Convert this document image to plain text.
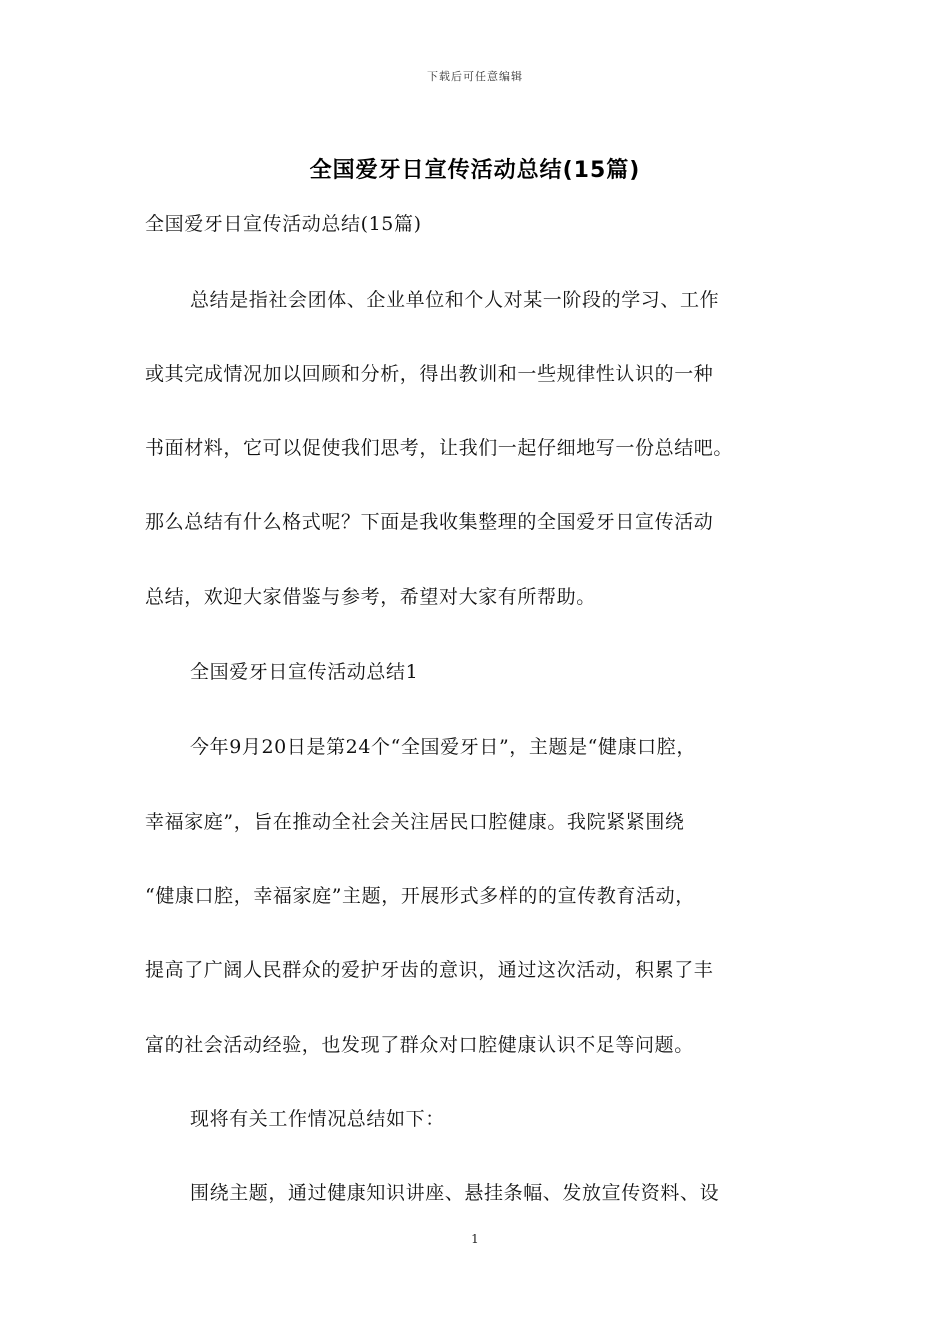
下载后可任意编辑
全国爱牙日宣传活动总结(15篇)
全国爱牙日宣传活动总结(15篇)
总结是指社会团体、企业单位和个人对某一阶段的学习、工作
或其完成情况加以回顾和分析，得出教训和一些规律性认识的一种
书面材料，它可以促使我们思考，让我们一起仔细地写一份总结吧。
那么总结有什么格式呢？下面是我收集整理的全国爱牙日宣传活动
总结，欢迎大家借鉴与参考，希望对大家有所帮助。
全国爱牙日宣传活动总结1
今年9月20日是第24个“全国爱牙日”，主题是“健康口腔，
幸福家庭”，旨在推动全社会关注居民口腔健康。我院紧紧围绕
“健康口腔，幸福家庭”主题，开展形式多样的的宣传教育活动，
提高了广阔人民群众的爱护牙齿的意识，通过这次活动，积累了丰
富的社会活动经验，也发现了群众对口腔健康认识不足等问题。
现将有关工作情况总结如下：
围绕主题，通过健康知识讲座、悬挂条幅、发放宣传资料、设
1
